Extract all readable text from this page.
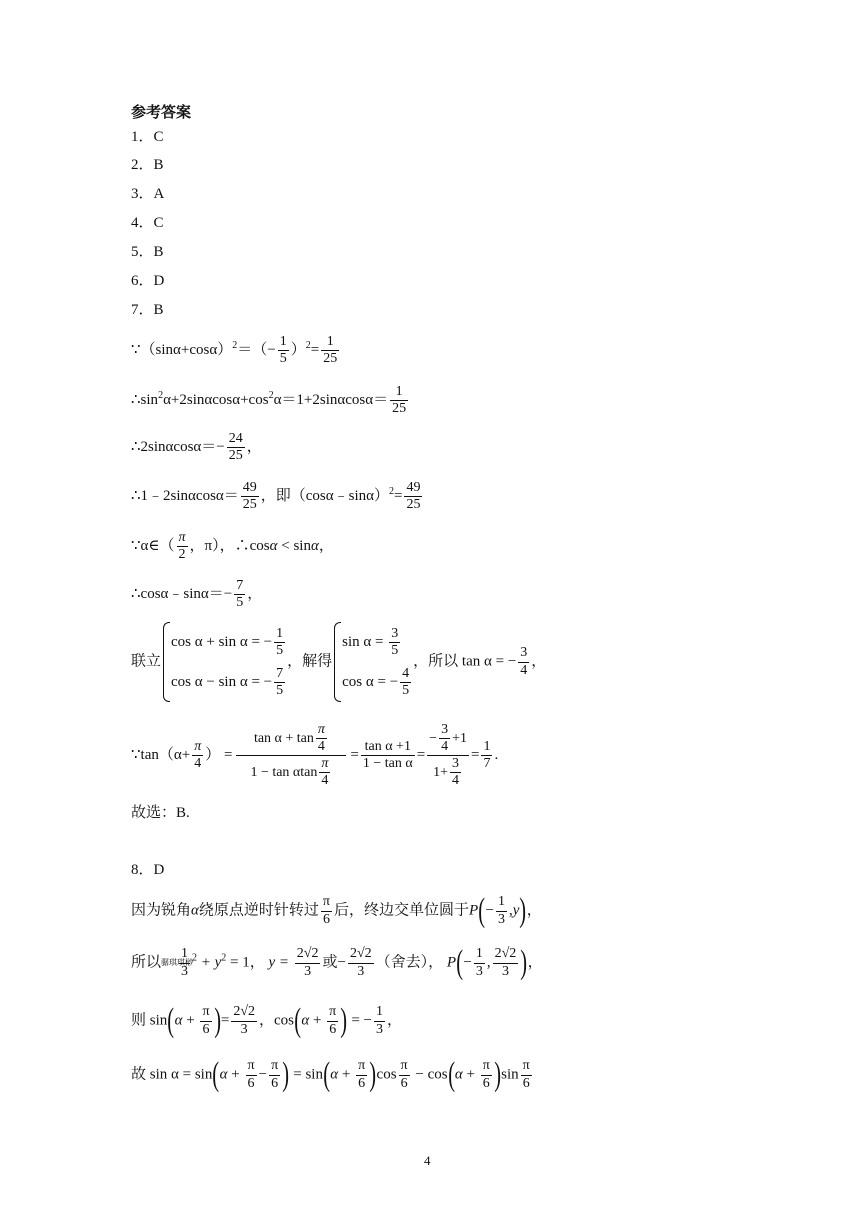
参考答案
1．C
2．B
3．A
4．C
5．B
6．D
7．B
$\because(\sin\alpha+\cos\alpha)^2=(- \frac{1}{5} )^2= \frac{1}{25}$
$\therefore\sin^2\alpha+2\sin\alpha\cos\alpha+\cos^2\alpha=1+2\sin\alpha\cos\alpha= \frac{1}{25}$
∴2sinαcosα＝− $\frac{24}{25}$ ，
∴1﹣2sinαcosα＝ $\frac{49}{25}$ ，即（cosα﹣sinα）$^2$= $\frac{49}{25}$
∵α∈（ $\frac{\pi}{2}$ ，π），∴cosα < sinα，
∴cosα﹣sinα＝− $\frac{7}{5}$ ，
联立
cos α + sin α = − $\frac{1}{5}$
cos α − sin α = − $\frac{7}{5}$
，解得
$\sin \alpha = \frac{3}{5}$
cos α = − $\frac{4}{5}$
，所以 tan α = − $\frac{3}{4}$ ，
∵tan（α+ $\frac{\pi}{4}$ ） = $\frac{\tan \alpha + \tan \frac{\pi}{4}}{1 - \tan \alpha\tan \frac{\pi}{4}} = \frac{\text{tan α +1}}{\text{1 − tan α}} = \frac{- \frac{3}{4} +1}{1+ \frac{3}{4}} = \frac{1}{7}$ .
故选：B.
8．D
因为锐角α绕原点逆时针转过 $\frac{\pi}{6}$ 后，终边交单位圆于$P(- \frac{1}{3} ,y)$，
所以骣琪琪桫
$\frac{1}{3} ^2 + y^2 = 1$， $y = \frac{2√2}{3}$ 或− $\frac{2√2}{3}$ （舍去）， $P(- \frac{1}{3}$ , $\frac{2√2}{3}$ )，
则 $\sin(\alpha + \frac{\pi}{6}$ )= $\frac{2√2}{3}$ ，$\cos(\alpha + \frac{\pi}{6}$ ) = − $\frac{1}{3}$ ，
故 $\sin \alpha = \sin(\alpha + \frac{\pi}{6} - \frac{\pi}{6}$ ) = $\sin(\alpha + \frac{\pi}{6} )\cos \frac{\pi}{6} - \cos(\alpha + \frac{\pi}{6} )\sin \frac{\pi}{6}$
4
